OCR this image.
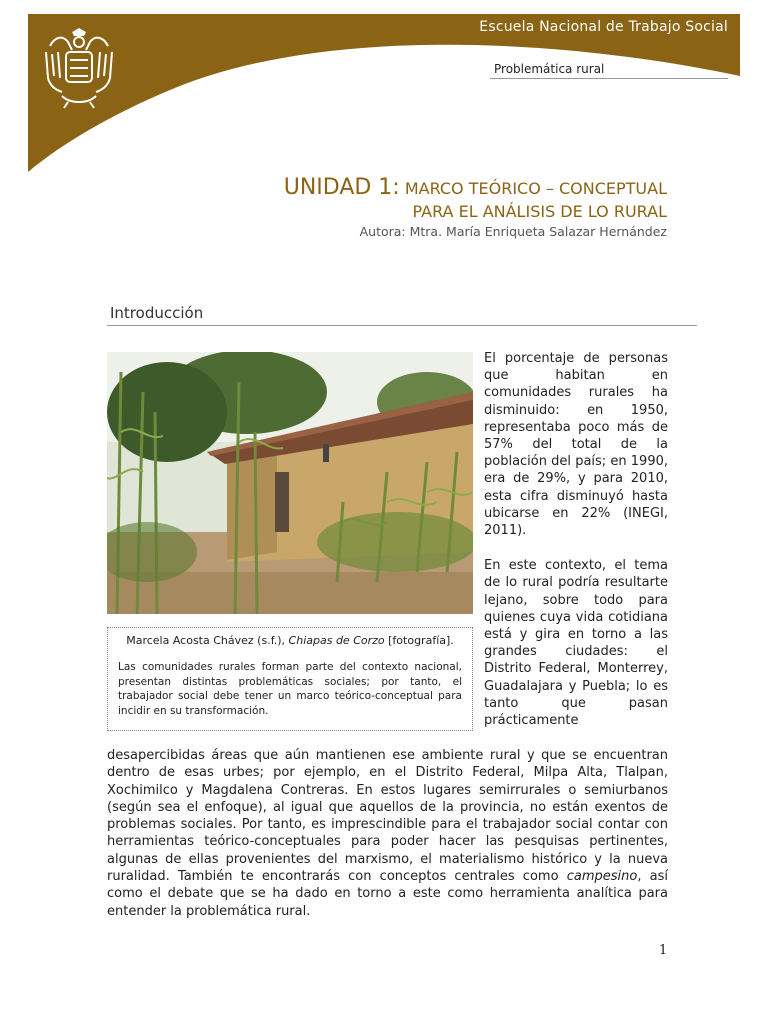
Escuela Nacional de Trabajo Social
Problemática rural
UNIDAD 1: MARCO TEÓRICO – CONCEPTUAL
PARA EL ANÁLISIS DE LO RURAL
Autora: Mtra. María Enriqueta Salazar Hernández
Introducción

Marcela Acosta Chávez (s.f.), Chiapas de Corzo [fotografía].

Las comunidades rurales forman parte del contexto nacional, presentan distintas problemáticas sociales; por tanto, el trabajador social debe tener un marco teórico-conceptual para incidir en su transformación.

El porcentaje de personas que habitan en comunidades rurales ha disminuido: en 1950, representaba poco más de 57% del total de la población del país; en 1990, era de 29%, y para 2010, esta cifra disminuyó hasta ubicarse en 22% (INEGI, 2011).

En este contexto, el tema de lo rural podría resultarte lejano, sobre todo para quienes cuya vida cotidiana está y gira en torno a las grandes ciudades: el Distrito Federal, Monterrey, Guadalajara y Puebla; lo es tanto que pasan prácticamente

desapercibidas áreas que aún mantienen ese ambiente rural y que se encuentran dentro de esas urbes; por ejemplo, en el Distrito Federal, Milpa Alta, Tlalpan, Xochimilco y Magdalena Contreras. En estos lugares semirrurales o semiurbanos (según sea el enfoque), al igual que aquellos de la provincia, no están exentos de problemas sociales. Por tanto, es imprescindible para el trabajador social contar con herramientas teórico-conceptuales para poder hacer las pesquisas pertinentes, algunas de ellas provenientes del marxismo, el materialismo histórico y la nueva ruralidad. También te encontrarás con conceptos centrales como campesino, así como el debate que se ha dado en torno a este como herramienta analítica para entender la problemática rural.
1
